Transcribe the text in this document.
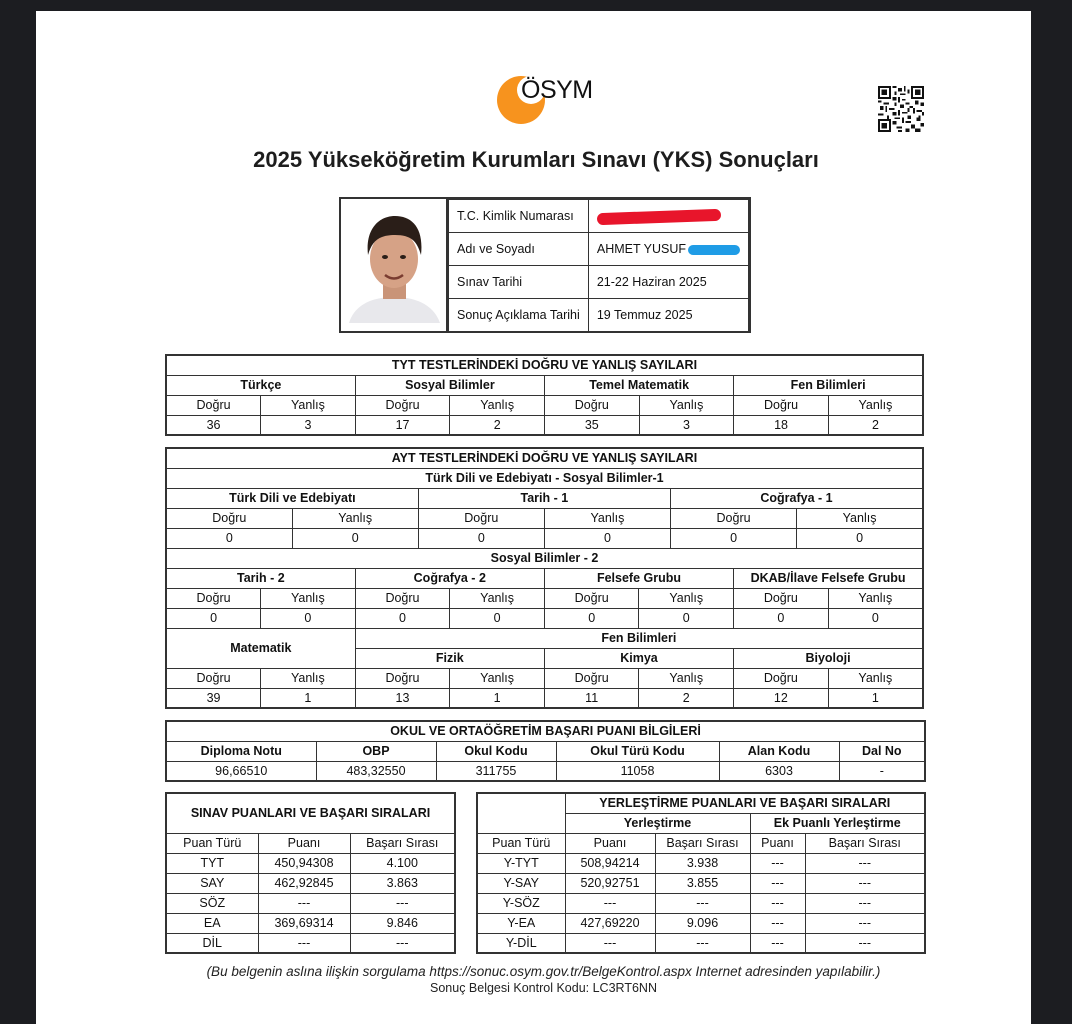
ÖSYM
2025 Yükseköğretim Kurumları Sınavı (YKS) Sonuçları
T.C. Kimlik Numarası	
Adı ve Soyadı	AHMET YUSUF
Sınav Tarihi	21-22 Haziran 2025
Sonuç Açıklama Tarihi	19 Temmuz 2025
TYT TESTLERİNDEKİ DOĞRU VE YANLIŞ SAYILARI							
Türkçe		Sosyal Bilimler		Temel Matematik		Fen Bilimleri	
Doğru	Yanlış	Doğru	Yanlış	Doğru	Yanlış	Doğru	Yanlış
36	3	17	2	35	3	18	2
AYT TESTLERİNDEKİ DOĞRU VE YANLIŞ SAYILARI											
Türk Dili ve Edebiyatı - Sosyal Bilimler-1											
Türk Dili ve Edebiyatı				Tarih - 1				Coğrafya - 1			
Doğru		Yanlış		Doğru		Yanlış		Doğru		Yanlış	
0		0		0		0		0		0	
Sosyal Bilimler - 2											
Tarih - 2			Coğrafya - 2			Felsefe Grubu			DKAB/İlave Felsefe Grubu		
Doğru	Yanlış		Doğru		Yanlış	Doğru	Yanlış		Doğru		Yanlış
0	0		0		0	0	0		0		0
Matematik			Fen Bilimleri								
			Fizik			Kimya			Biyoloji		
Doğru	Yanlış		Doğru		Yanlış	Doğru	Yanlış		Doğru		Yanlış
39	1		13		1	11	2		12		1
OKUL VE ORTAÖĞRETİM BAŞARI PUANI BİLGİLERİ					
Diploma Notu	OBP	Okul Kodu	Okul Türü Kodu	Alan Kodu	Dal No
96,66510	483,32550	311755	11058	6303	-
SINAV PUANLARI VE BAŞARI SIRALARI		
Puan Türü	Puanı	Başarı Sırası
TYT	450,94308	4.100
SAY	462,92845	3.863
SÖZ	---	---
EA	369,69314	9.846
DİL	---	---
	YERLEŞTİRME PUANLARI VE BAŞARI SIRALARI			
	Yerleştirme		Ek Puanlı Yerleştirme	
Puan Türü	Puanı	Başarı Sırası	Puanı	Başarı Sırası
Y-TYT	508,94214	3.938	---	---
Y-SAY	520,92751	3.855	---	---
Y-SÖZ	---	---	---	---
Y-EA	427,69220	9.096	---	---
Y-DİL	---	---	---	---
(Bu belgenin aslına ilişkin sorgulama https://sonuc.osym.gov.tr/BelgeKontrol.aspx Internet adresinden yapılabilir.)
Sonuç Belgesi Kontrol Kodu: LC3RT6NN
